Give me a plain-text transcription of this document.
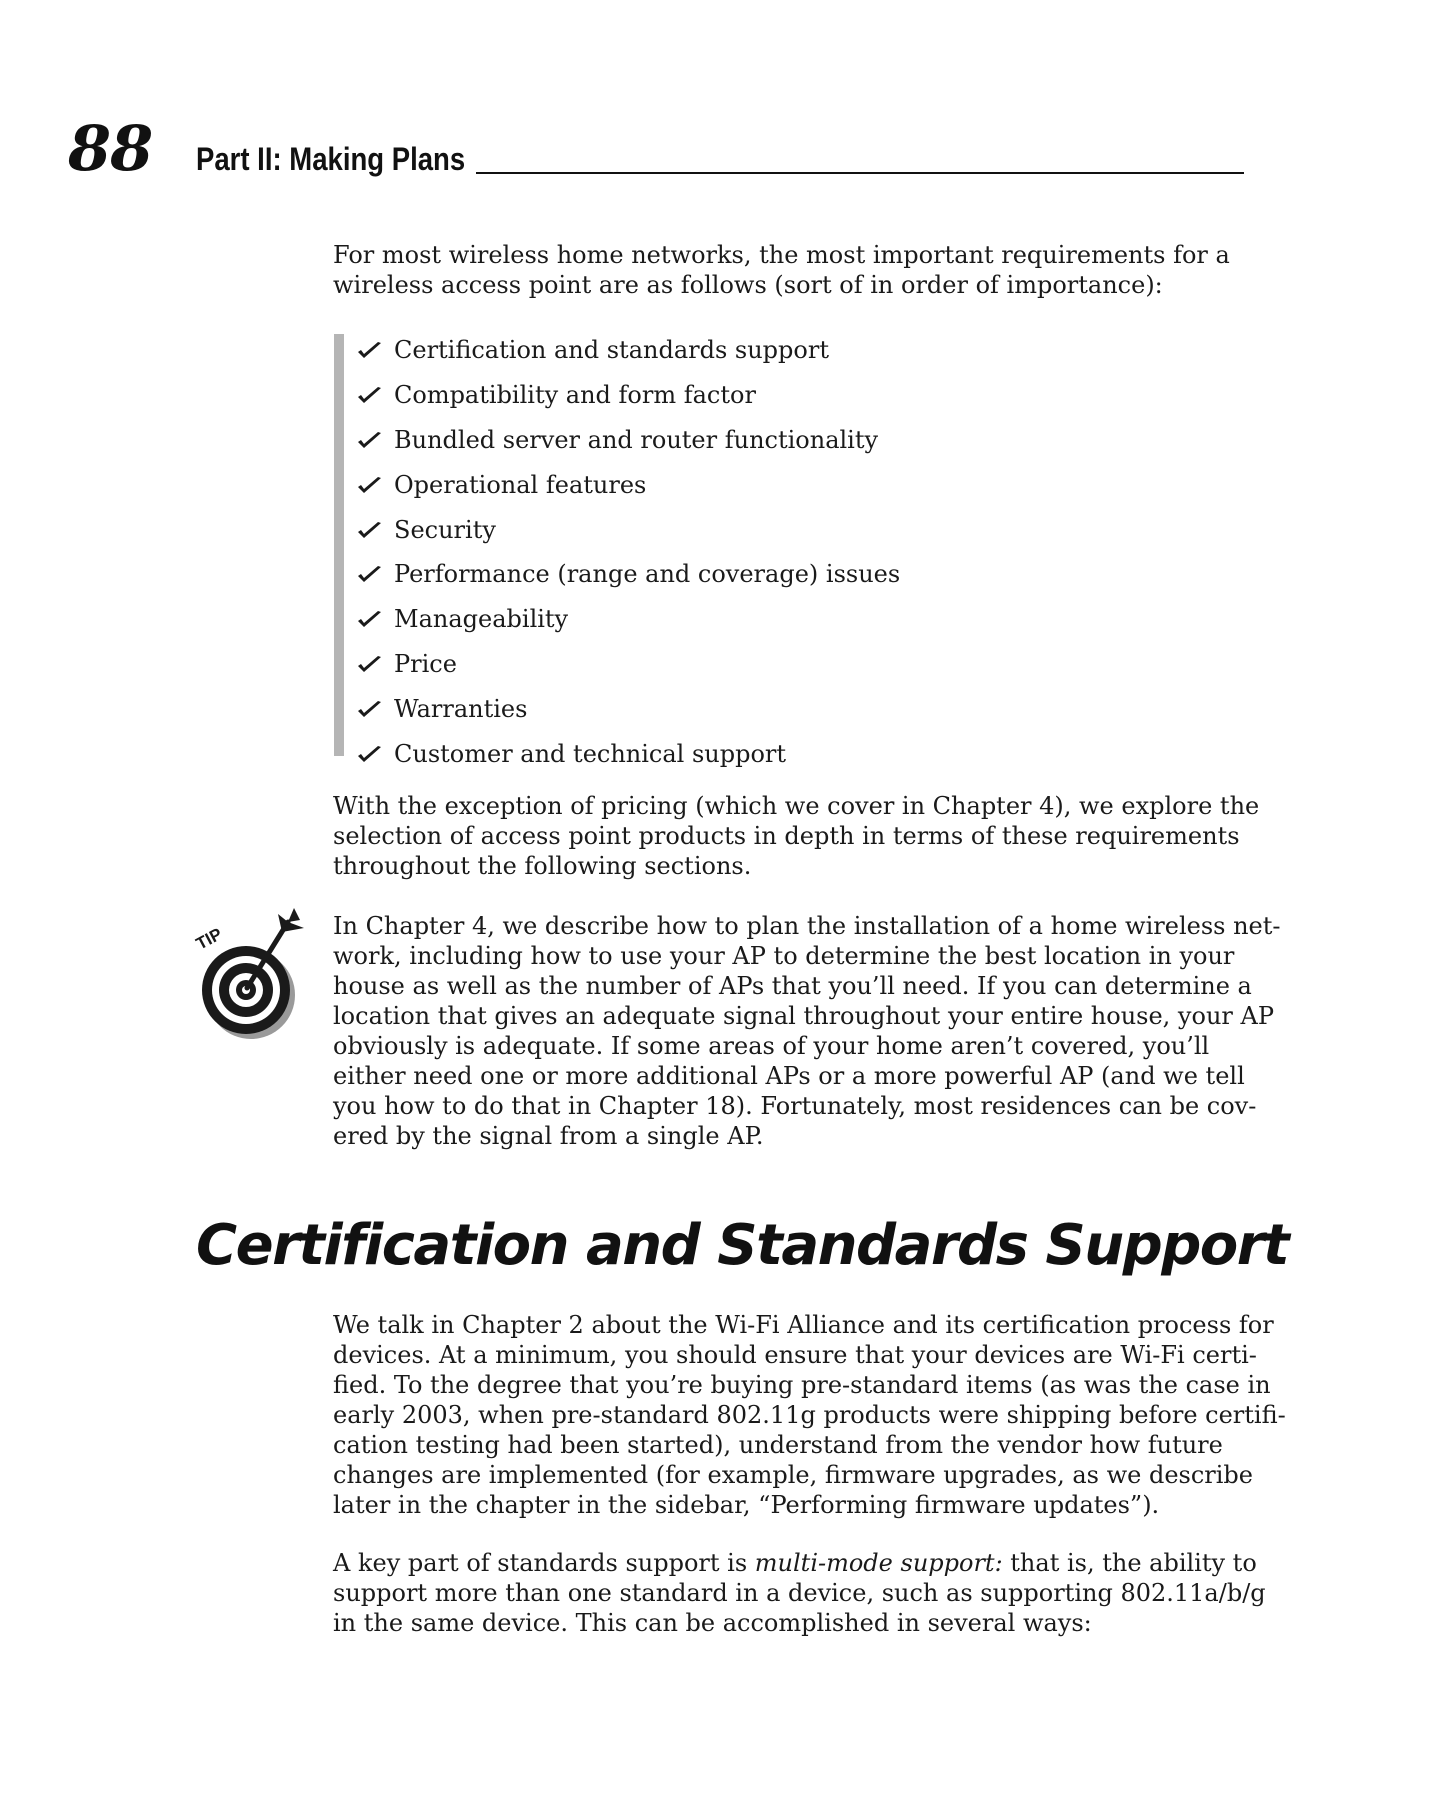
88 Part II: Making Plans

For most wireless home networks, the most important requirements for a
wireless access point are as follows (sort of in order of importance):

Certification and standards support
Compatibility and form factor
Bundled server and router functionality
Operational features
Security
Performance (range and coverage) issues
Manageability
Price
Warranties
Customer and technical support

With the exception of pricing (which we cover in Chapter 4), we explore the
selection of access point products in depth in terms of these requirements
throughout the following sections.

TIP	In Chapter 4, we describe how to plan the installation of a home wireless net-
work, including how to use your AP to determine the best location in your
house as well as the number of APs that you’ll need. If you can determine a
location that gives an adequate signal throughout your entire house, your AP
obviously is adequate. If some areas of your home aren’t covered, you’ll
either need one or more additional APs or a more powerful AP (and we tell
you how to do that in Chapter 18). Fortunately, most residences can be cov-
ered by the signal from a single AP.

Certification and Standards Support

We talk in Chapter 2 about the Wi-Fi Alliance and its certification process for
devices. At a minimum, you should ensure that your devices are Wi-Fi certi-
fied. To the degree that you’re buying pre-standard items (as was the case in
early 2003, when pre-standard 802.11g products were shipping before certifi-
cation testing had been started), understand from the vendor how future
changes are implemented (for example, firmware upgrades, as we describe
later in the chapter in the sidebar, “Performing firmware updates”).

A key part of standards support is multi-mode support: that is, the ability to
support more than one standard in a device, such as supporting 802.11a/b/g
in the same device. This can be accomplished in several ways:
